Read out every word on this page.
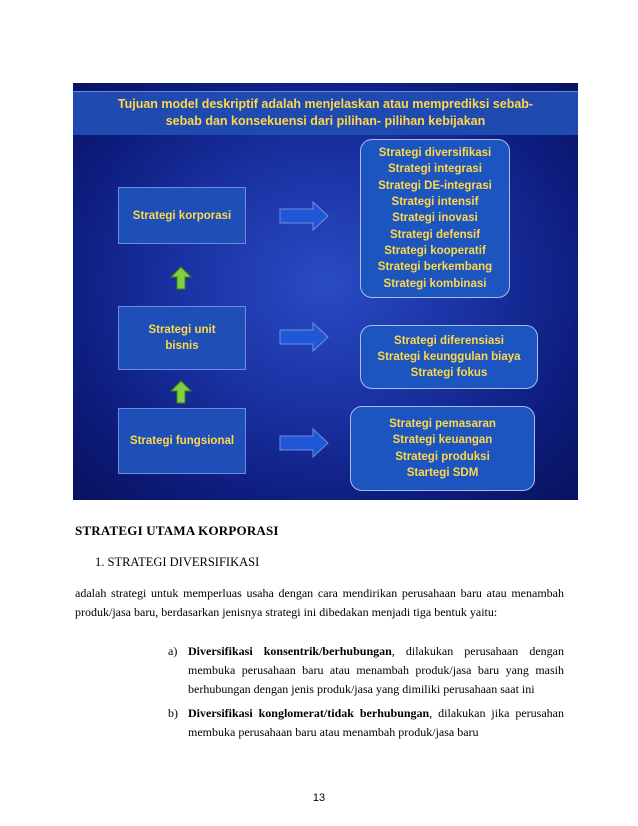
Tujuan model deskriptif adalah menjelaskan atau memprediksi sebab-
sebab dan konsekuensi dari pilihan- pilihan kebijakan
Strategi korporasi
Strategi unit bisnis
Strategi fungsional
Strategi diversifikasi
Strategi integrasi
Strategi DE-integrasi
Strategi intensif
Strategi inovasi
Strategi defensif
Strategi kooperatif
Strategi berkembang
Strategi kombinasi
Strategi diferensiasi
Strategi keunggulan biaya
Strategi fokus
Strategi pemasaran
Strategi keuangan
Strategi produksi
Startegi SDM
STRATEGI UTAMA KORPORASI
1. STRATEGI DIVERSIFIKASI
adalah strategi untuk memperluas usaha dengan cara mendirikan perusahaan baru atau menambah produk/jasa baru, berdasarkan jenisnya strategi ini dibedakan menjadi tiga bentuk yaitu:
a) Diversifikasi konsentrik/berhubungan, dilakukan perusahaan dengan membuka perusahaan baru atau menambah produk/jasa baru yang masih berhubungan dengan jenis produk/jasa yang dimiliki perusahaan saat ini
b) Diversifikasi konglomerat/tidak berhubungan, dilakukan jika perusahan membuka perusahaan baru atau menambah produk/jasa baru
13
